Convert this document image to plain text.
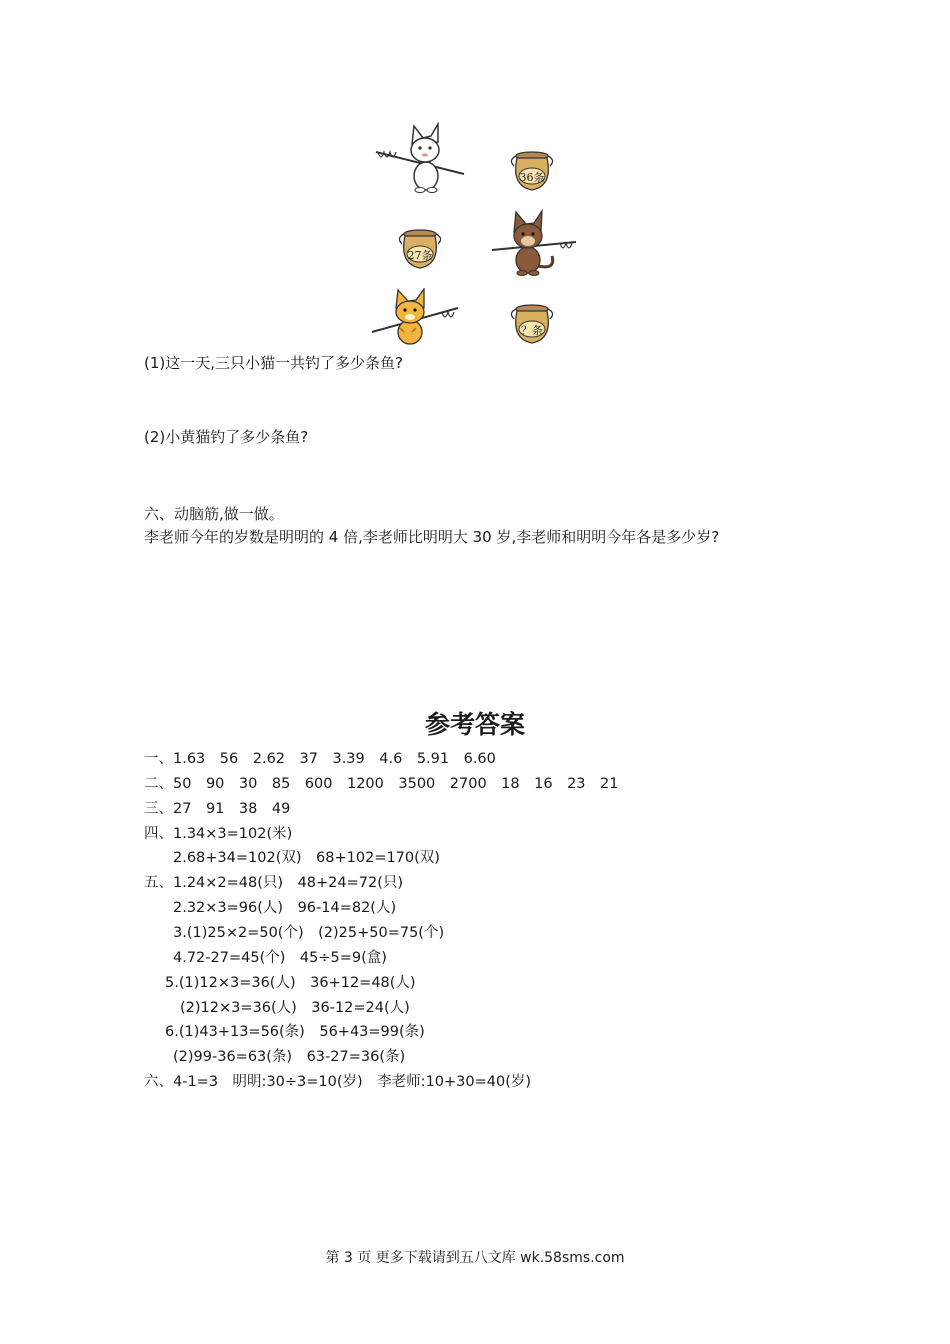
36条
27条
？条
(1)这一天,三只小猫一共钓了多少条鱼?
(2)小黄猫钓了多少条鱼?
六、动脑筋,做一做。
李老师今年的岁数是明明的 4 倍,李老师比明明大 30 岁,李老师和明明今年各是多少岁?
参考答案
一、1.63　56　2.62　37　3.39　4.6　5.91　6.60
二、50　90　30　85　600　1200　3500　2700　18　16　23　21
三、27　91　38　49
四、1.34×3=102(米)
2.68+34=102(双)　68+102=170(双)
五、1.24×2=48(只)　48+24=72(只)
2.32×3=96(人)　96-14=82(人)
3.(1)25×2=50(个)　(2)25+50=75(个)
4.72-27=45(个)　45÷5=9(盒)
5.(1)12×3=36(人)　36+12=48(人)
(2)12×3=36(人)　36-12=24(人)
6.(1)43+13=56(条)　56+43=99(条)
(2)99-36=63(条)　63-27=36(条)
六、4-1=3　明明:30÷3=10(岁)　李老师:10+30=40(岁)
第 3 页 更多下载请到五八文库 wk.58sms.com
